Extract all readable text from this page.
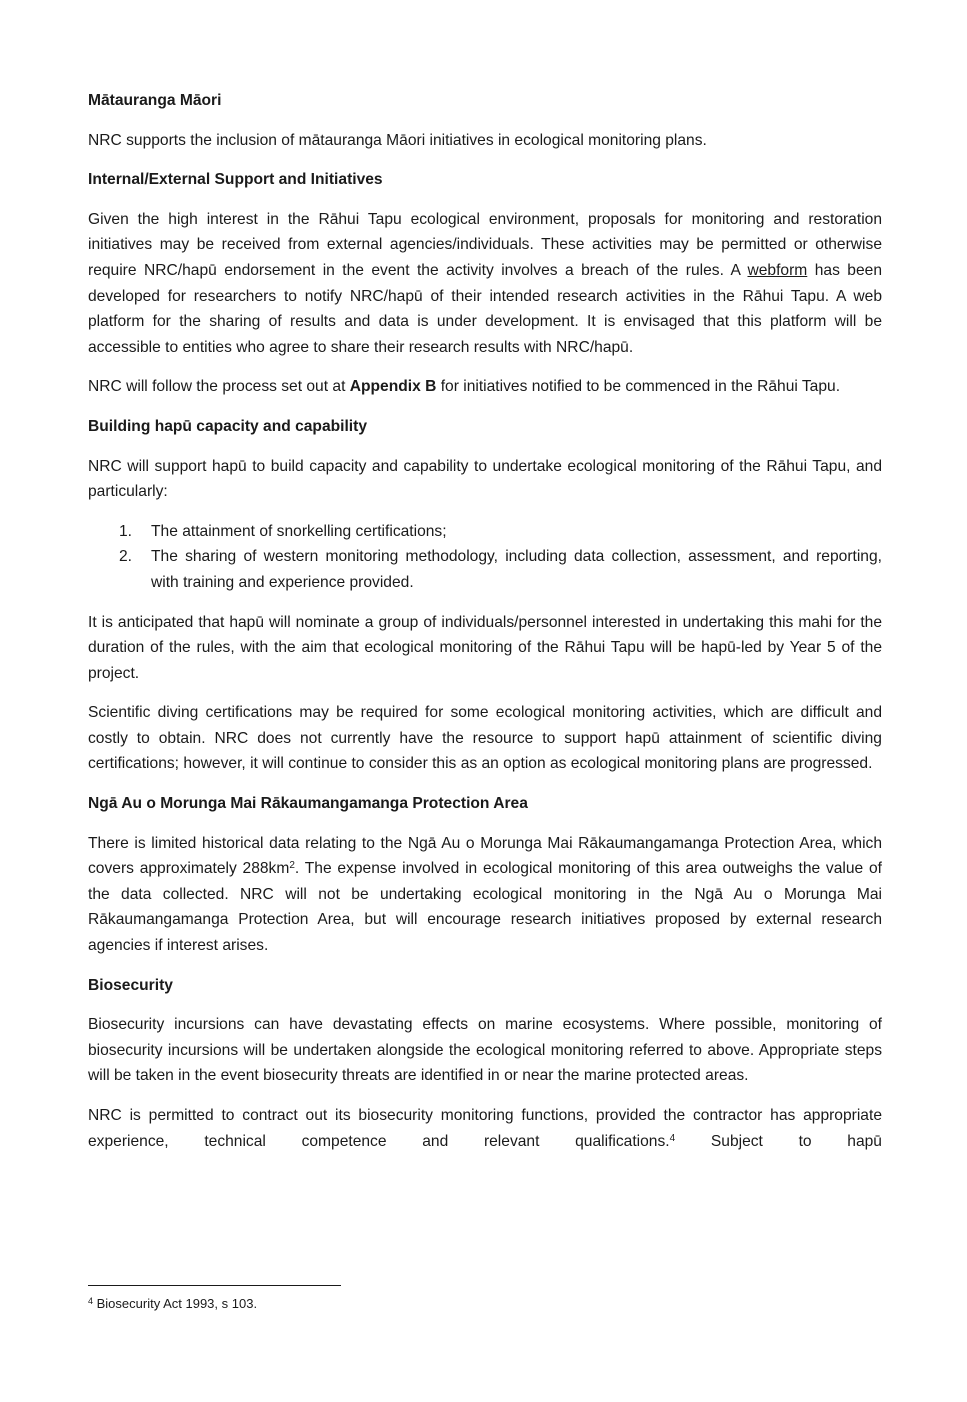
Mātauranga Māori

NRC supports the inclusion of mātauranga Māori initiatives in ecological monitoring plans.

Internal/External Support and Initiatives

Given the high interest in the Rāhui Tapu ecological environment, proposals for monitoring and restoration initiatives may be received from external agencies/individuals. These activities may be permitted or otherwise require NRC/hapū endorsement in the event the activity involves a breach of the rules. A webform has been developed for researchers to notify NRC/hapū of their intended research activities in the Rāhui Tapu. A web platform for the sharing of results and data is under development. It is envisaged that this platform will be accessible to entities who agree to share their research results with NRC/hapū.

NRC will follow the process set out at Appendix B for initiatives notified to be commenced in the Rāhui Tapu.

Building hapū capacity and capability

NRC will support hapū to build capacity and capability to undertake ecological monitoring of the Rāhui Tapu, and particularly:

1. The attainment of snorkelling certifications;
2. The sharing of western monitoring methodology, including data collection, assessment, and reporting, with training and experience provided.

It is anticipated that hapū will nominate a group of individuals/personnel interested in undertaking this mahi for the duration of the rules, with the aim that ecological monitoring of the Rāhui Tapu will be hapū-led by Year 5 of the project.

Scientific diving certifications may be required for some ecological monitoring activities, which are difficult and costly to obtain. NRC does not currently have the resource to support hapū attainment of scientific diving certifications; however, it will continue to consider this as an option as ecological monitoring plans are progressed.

Ngā Au o Morunga Mai Rākaumangamanga Protection Area

There is limited historical data relating to the Ngā Au o Morunga Mai Rākaumangamanga Protection Area, which covers approximately $288km^2$. The expense involved in ecological monitoring of this area outweighs the value of the data collected. NRC will not be undertaking ecological monitoring in the Ngā Au o Morunga Mai Rākaumangamanga Protection Area, but will encourage research initiatives proposed by external research agencies if interest arises.

Biosecurity

Biosecurity incursions can have devastating effects on marine ecosystems. Where possible, monitoring of biosecurity incursions will be undertaken alongside the ecological monitoring referred to above. Appropriate steps will be taken in the event biosecurity threats are identified in or near the marine protected areas.

NRC is permitted to contract out its biosecurity monitoring functions, provided the contractor has appropriate experience, technical competence and relevant qualifications.$^4$ Subject to hapū

$^4$ Biosecurity Act 1993, s 103.
